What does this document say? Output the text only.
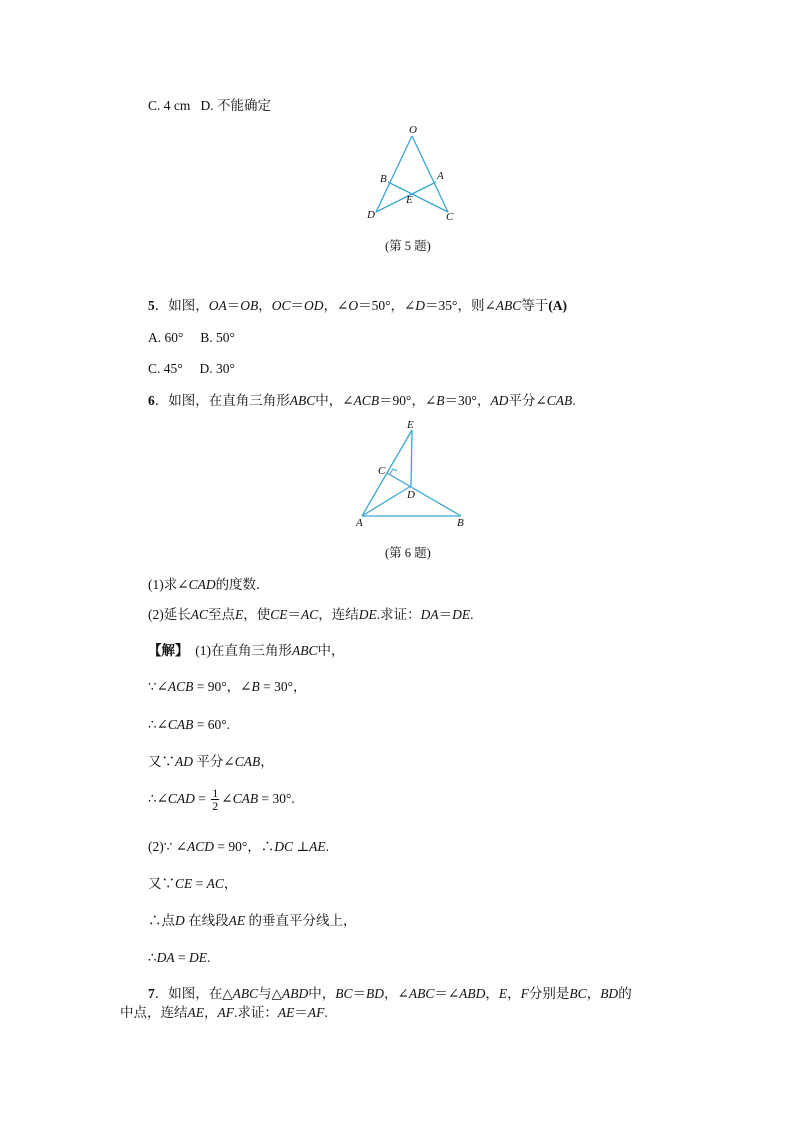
C. 4 cm D. 不能确定
O
B	A
E
D	C
(第 5 题)
5．如图，OA＝OB，OC＝OD，∠O＝50°，∠D＝35°，则∠ABC等于(A)
A. 60° B. 50°
C. 45° D. 30°
6．如图，在直角三角形ABC中，∠ACB＝90°，∠B＝30°，AD平分∠CAB.
E
C
D
A	B
(第 6 题)
(1)求∠CAD的度数．
(2)延长AC至点E，使CE＝AC，连结DE.求证：DA＝DE.
【解】 (1)在直角三角形ABC中，
∵∠ACB = 90°，∠B = 30°，
∴∠CAB = 60°.
又∵AD 平分∠CAB，
∴∠CAD = $\frac{1}{2}$ ∠CAB = 30°.
(2)∵ ∠ACD = 90°，∴DC ⊥AE.
又∵CE = AC，
∴点D 在线段AE 的垂直平分线上，
∴DA = DE.
7．如图，在△ABC与△ABD中，BC＝BD，∠ABC＝∠ABD，E，F分别是BC，BD的
中点，连结AE，AF.求证：AE＝AF.
